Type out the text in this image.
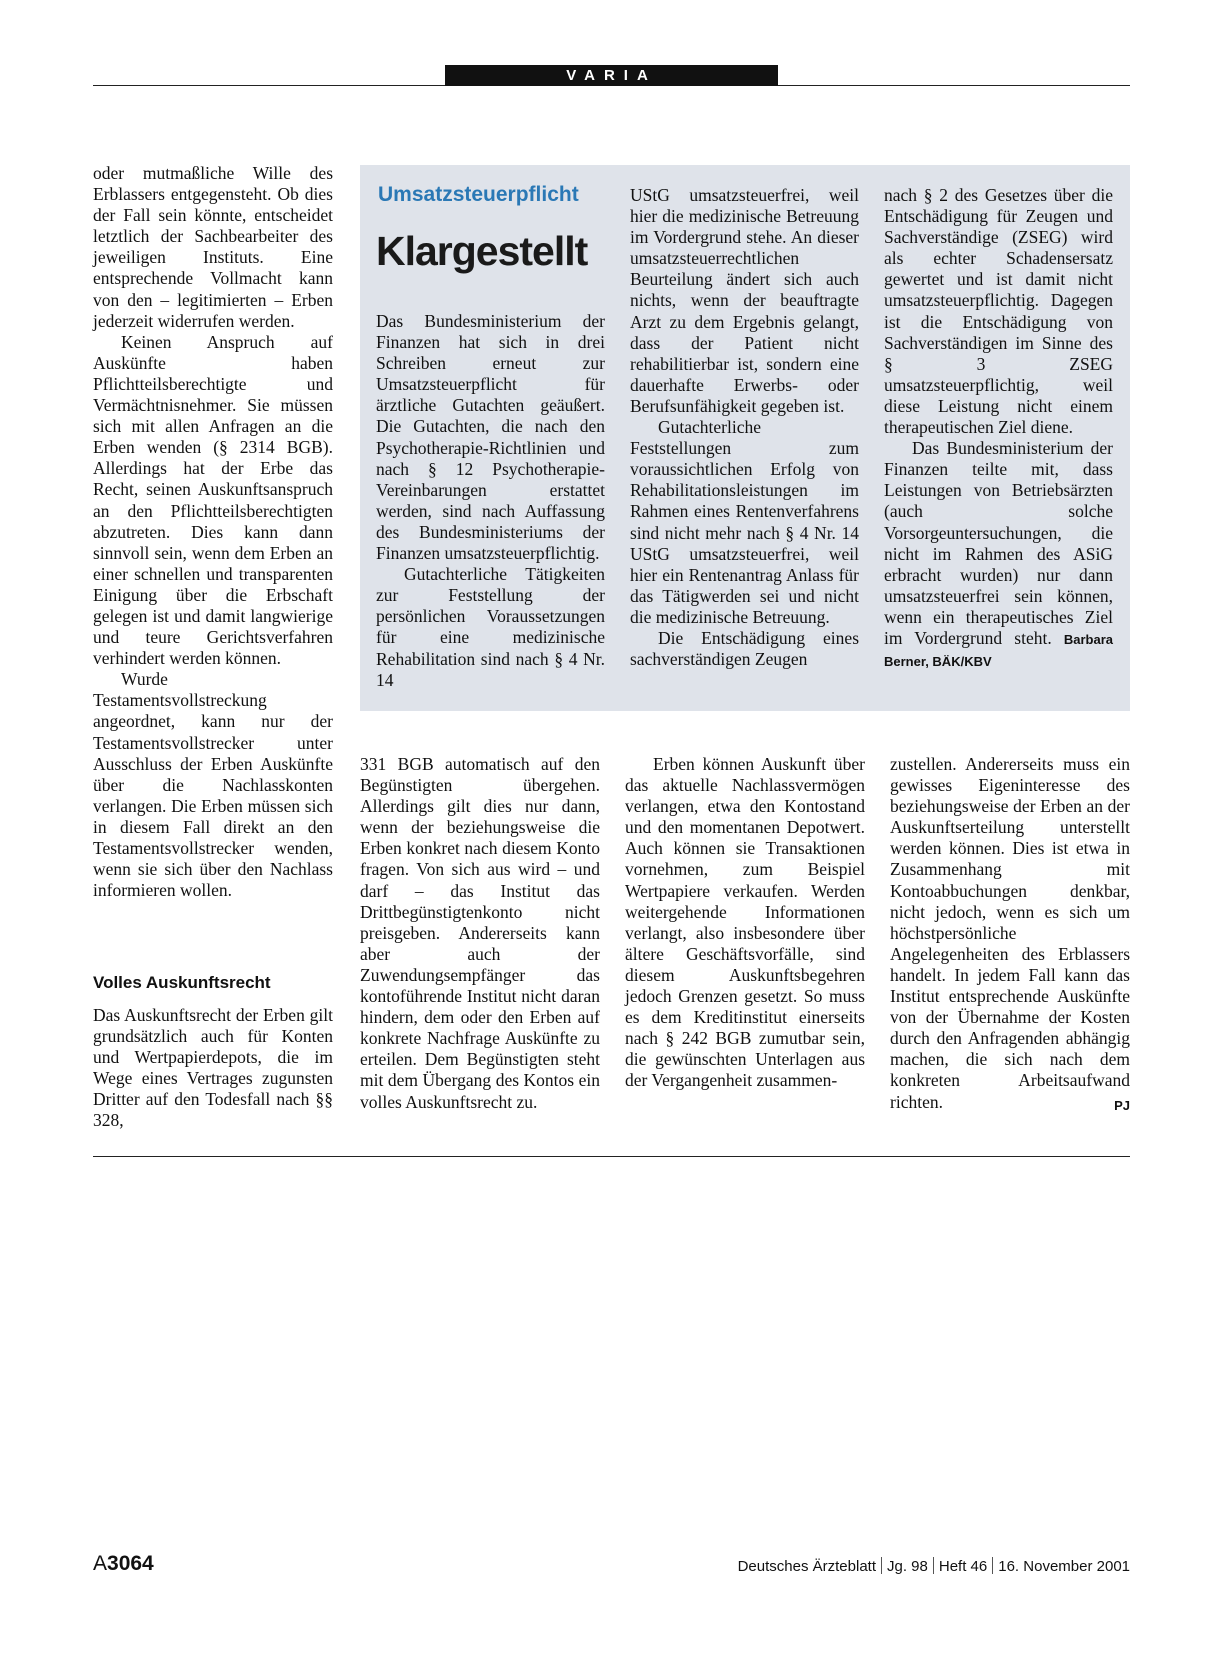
VARIA

oder mutmaßliche Wille des Erblassers entgegensteht. Ob dies der Fall sein könnte, entscheidet letztlich der Sachbearbeiter des jeweiligen Instituts. Eine entsprechende Vollmacht kann von den – legitimierten – Erben jederzeit widerrufen werden.

Keinen Anspruch auf Auskünfte haben Pflichtteilsberechtigte und Vermächtnisnehmer. Sie müssen sich mit allen Anfragen an die Erben wenden (§ 2314 BGB). Allerdings hat der Erbe das Recht, seinen Auskunftsanspruch an den Pflichtteilsberechtigten abzutreten. Dies kann dann sinnvoll sein, wenn dem Erben an einer schnellen und transparenten Einigung über die Erbschaft gelegen ist und damit langwierige und teure Gerichtsverfahren verhindert werden können.

Wurde Testamentsvollstreckung angeordnet, kann nur der Testamentsvollstrecker unter Ausschluss der Erben Auskünfte über die Nachlasskonten verlangen. Die Erben müssen sich in diesem Fall direkt an den Testamentsvollstrecker wenden, wenn sie sich über den Nachlass informieren wollen.

Volles Auskunftsrecht

Das Auskunftsrecht der Erben gilt grundsätzlich auch für Konten und Wertpapierdepots, die im Wege eines Vertrages zugunsten Dritter auf den Todesfall nach §§ 328,

Umsatzsteuerpflicht
Klargestellt

Das Bundesministerium der Finanzen hat sich in drei Schreiben erneut zur Umsatzsteuerpflicht für ärztliche Gutachten geäußert. Die Gutachten, die nach den Psychotherapie-Richtlinien und nach § 12 Psychotherapie-Vereinbarungen erstattet werden, sind nach Auffassung des Bundesministeriums der Finanzen umsatzsteuerpflichtig.

Gutachterliche Tätigkeiten zur Feststellung der persönlichen Voraussetzungen für eine medizinische Rehabilitation sind nach § 4 Nr. 14

UStG umsatzsteuerfrei, weil hier die medizinische Betreuung im Vordergrund stehe. An dieser umsatzsteuerrechtlichen Beurteilung ändert sich auch nichts, wenn der beauftragte Arzt zu dem Ergebnis gelangt, dass der Patient nicht rehabilitierbar ist, sondern eine dauerhafte Erwerbs- oder Berufsunfähigkeit gegeben ist.

Gutachterliche Feststellungen zum voraussichtlichen Erfolg von Rehabilitationsleistungen im Rahmen eines Rentenverfahrens sind nicht mehr nach § 4 Nr. 14 UStG umsatzsteuerfrei, weil hier ein Rentenantrag Anlass für das Tätigwerden sei und nicht die medizinische Betreuung.

Die Entschädigung eines sachverständigen Zeugen

nach § 2 des Gesetzes über die Entschädigung für Zeugen und Sachverständige (ZSEG) wird als echter Schadensersatz gewertet und ist damit nicht umsatzsteuerpflichtig. Dagegen ist die Entschädigung von Sachverständigen im Sinne des § 3 ZSEG umsatzsteuerpflichtig, weil diese Leistung nicht einem therapeutischen Ziel diene.

Das Bundesministerium der Finanzen teilte mit, dass Leistungen von Betriebsärzten (auch solche Vorsorgeuntersuchungen, die nicht im Rahmen des ASiG erbracht wurden) nur dann umsatzsteuerfrei sein können, wenn ein therapeutisches Ziel im Vordergrund steht. Barbara Berner, BÄK/KBV

331 BGB automatisch auf den Begünstigten übergehen. Allerdings gilt dies nur dann, wenn der beziehungsweise die Erben konkret nach diesem Konto fragen. Von sich aus wird – und darf – das Institut das Drittbegünstigtenkonto nicht preisgeben. Andererseits kann aber auch der Zuwendungsempfänger das kontoführende Institut nicht daran hindern, dem oder den Erben auf konkrete Nachfrage Auskünfte zu erteilen. Dem Begünstigten steht mit dem Übergang des Kontos ein volles Auskunftsrecht zu.

Erben können Auskunft über das aktuelle Nachlassvermögen verlangen, etwa den Kontostand und den momentanen Depotwert. Auch können sie Transaktionen vornehmen, zum Beispiel Wertpapiere verkaufen. Werden weitergehende Informationen verlangt, also insbesondere über ältere Geschäftsvorfälle, sind diesem Auskunftsbegehren jedoch Grenzen gesetzt. So muss es dem Kreditinstitut einerseits nach § 242 BGB zumutbar sein, die gewünschten Unterlagen aus der Vergangenheit zusammen-

zustellen. Andererseits muss ein gewisses Eigeninteresse des beziehungsweise der Erben an der Auskunftserteilung unterstellt werden können. Dies ist etwa in Zusammenhang mit Kontoabbuchungen denkbar, nicht jedoch, wenn es sich um höchstpersönliche Angelegenheiten des Erblassers handelt. In jedem Fall kann das Institut entsprechende Auskünfte von der Übernahme der Kosten durch den Anfragenden abhängig machen, die sich nach dem konkreten Arbeitsaufwand richten.	PJ

A3064	Deutsches Ärzteblatt Jg. 98 Heft 46 16. November 2001
